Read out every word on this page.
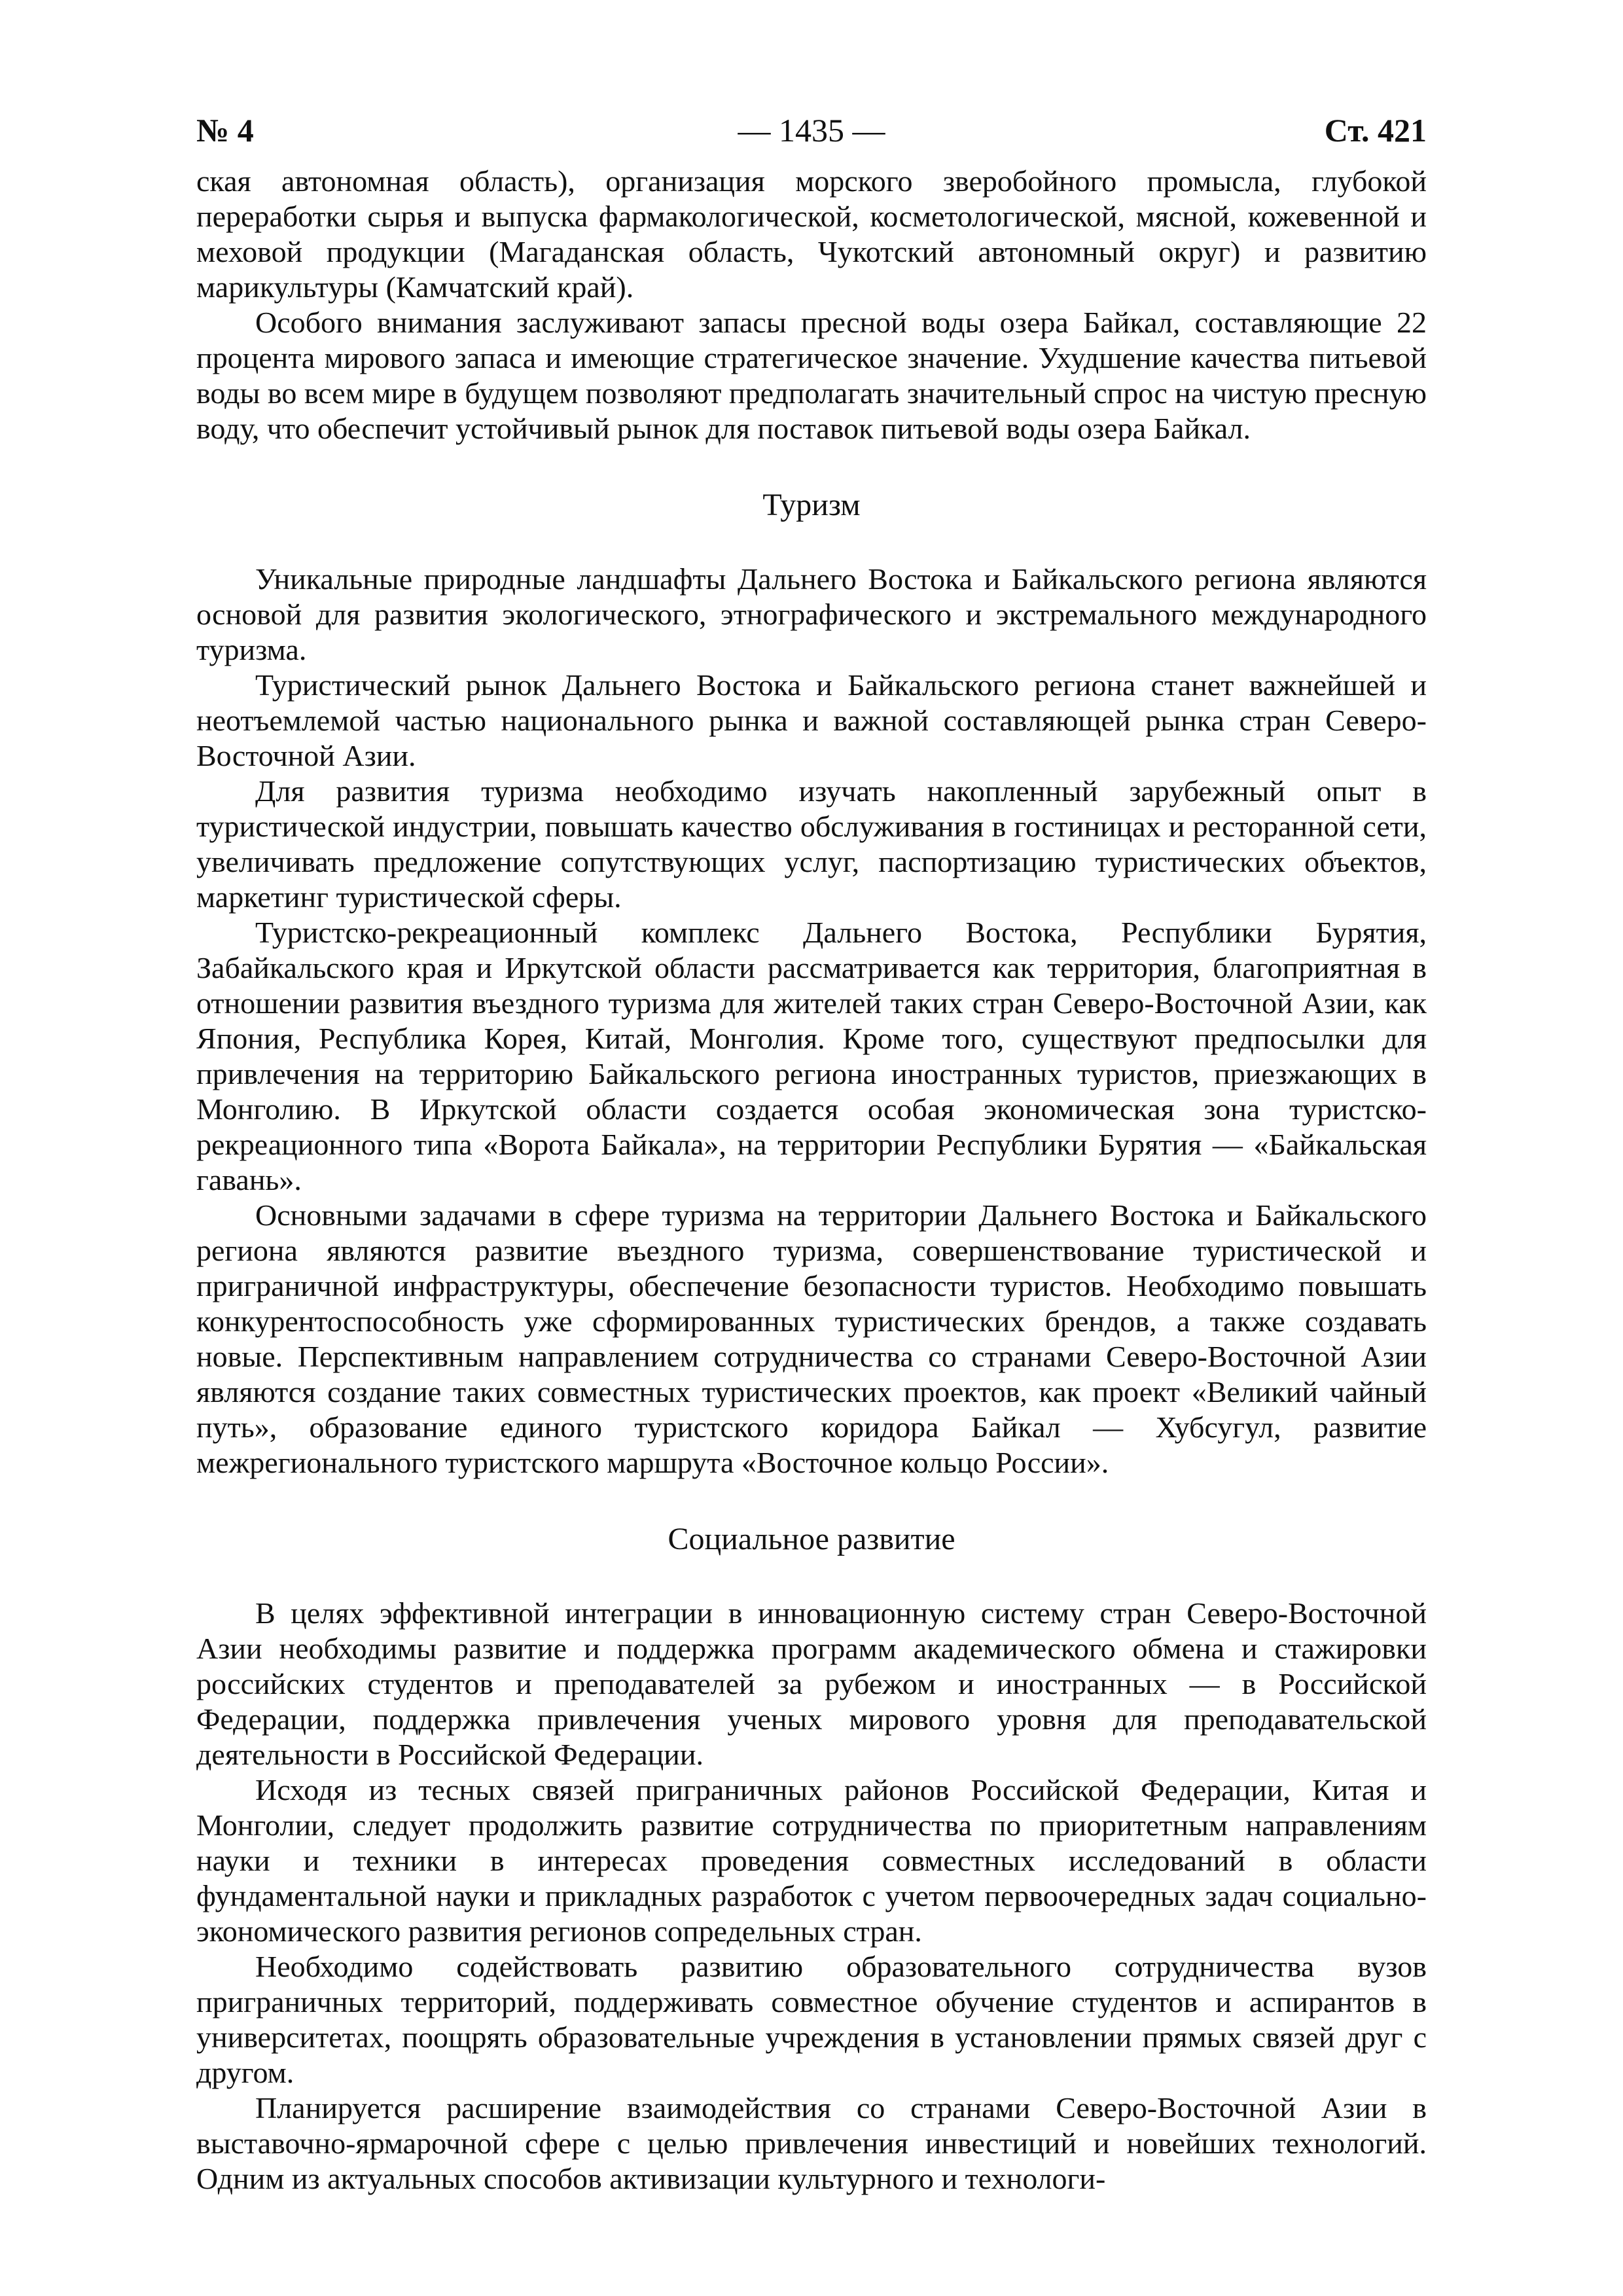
№ 4	— 1435 —	Ст. 421

ская автономная область), организация морского зверобойного промысла, глубокой переработки сырья и выпуска фармакологической, косметологической, мясной, кожевенной и меховой продукции (Магаданская область, Чукотский автономный округ) и развитию марикультуры (Камчатский край).

Особого внимания заслуживают запасы пресной воды озера Байкал, составляющие 22 процента мирового запаса и имеющие стратегическое значение. Ухудшение качества питьевой воды во всем мире в будущем позволяют предполагать значительный спрос на чистую пресную воду, что обеспечит устойчивый рынок для поставок питьевой воды озера Байкал.

Туризм

Уникальные природные ландшафты Дальнего Востока и Байкальского региона являются основой для развития экологического, этнографического и экстремального международного туризма.

Туристический рынок Дальнего Востока и Байкальского региона станет важнейшей и неотъемлемой частью национального рынка и важной составляющей рынка стран Северо-Восточной Азии.

Для развития туризма необходимо изучать накопленный зарубежный опыт в туристической индустрии, повышать качество обслуживания в гостиницах и ресторанной сети, увеличивать предложение сопутствующих услуг, паспортизацию туристических объектов, маркетинг туристической сферы.

Туристско-рекреационный комплекс Дальнего Востока, Республики Бурятия, Забайкальского края и Иркутской области рассматривается как территория, благоприятная в отношении развития въездного туризма для жителей таких стран Северо-Восточной Азии, как Япония, Республика Корея, Китай, Монголия. Кроме того, существуют предпосылки для привлечения на территорию Байкальского региона иностранных туристов, приезжающих в Монголию. В Иркутской области создается особая экономическая зона туристско-рекреационного типа «Ворота Байкала», на территории Республики Бурятия — «Байкальская гавань».

Основными задачами в сфере туризма на территории Дальнего Востока и Байкальского региона являются развитие въездного туризма, совершенствование туристической и приграничной инфраструктуры, обеспечение безопасности туристов. Необходимо повышать конкурентоспособность уже сформированных туристических брендов, а также создавать новые. Перспективным направлением сотрудничества со странами Северо-Восточной Азии являются создание таких совместных туристических проектов, как проект «Великий чайный путь», образование единого туристского коридора Байкал — Хубсугул, развитие межрегионального туристского маршрута «Восточное кольцо России».

Социальное развитие

В целях эффективной интеграции в инновационную систему стран Северо-Восточной Азии необходимы развитие и поддержка программ академического обмена и стажировки российских студентов и преподавателей за рубежом и иностранных — в Российской Федерации, поддержка привлечения ученых мирового уровня для преподавательской деятельности в Российской Федерации.

Исходя из тесных связей приграничных районов Российской Федерации, Китая и Монголии, следует продолжить развитие сотрудничества по приоритетным направлениям науки и техники в интересах проведения совместных исследований в области фундаментальной науки и прикладных разработок с учетом первоочередных задач социально-экономического развития регионов сопредельных стран.

Необходимо содействовать развитию образовательного сотрудничества вузов приграничных территорий, поддерживать совместное обучение студентов и аспирантов в университетах, поощрять образовательные учреждения в установлении прямых связей друг с другом.

Планируется расширение взаимодействия со странами Северо-Восточной Азии в выставочно-ярмарочной сфере с целью привлечения инвестиций и новейших технологий. Одним из актуальных способов активизации культурного и технологи-
